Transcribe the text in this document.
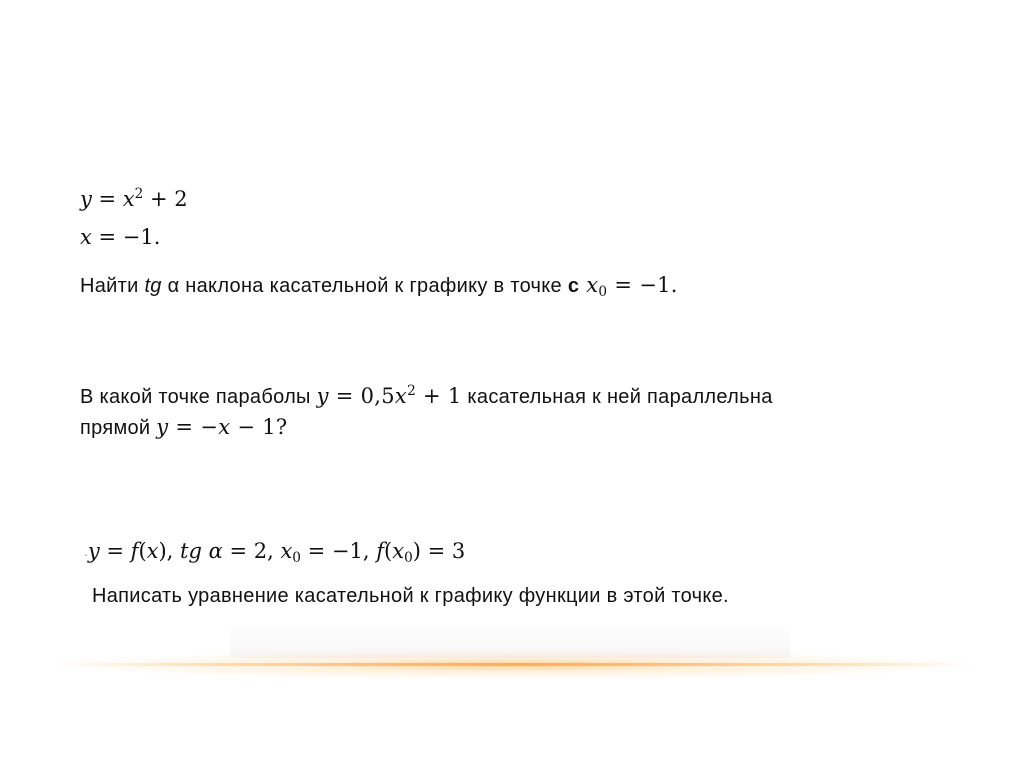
$y = x^2 + 2$
x = −1.
Найти tg α наклона касательной к графику в точке с $x_0 = -1$.
В какой точке параболы $y = 0,5x^2 + 1$ касательная к ней параллельна
прямой y = −x − 1?
.y = f(x), tg α = 2, $x_0 = -1$, $f(x_0) = 3$
Написать уравнение касательной к графику функции в этой точке.
